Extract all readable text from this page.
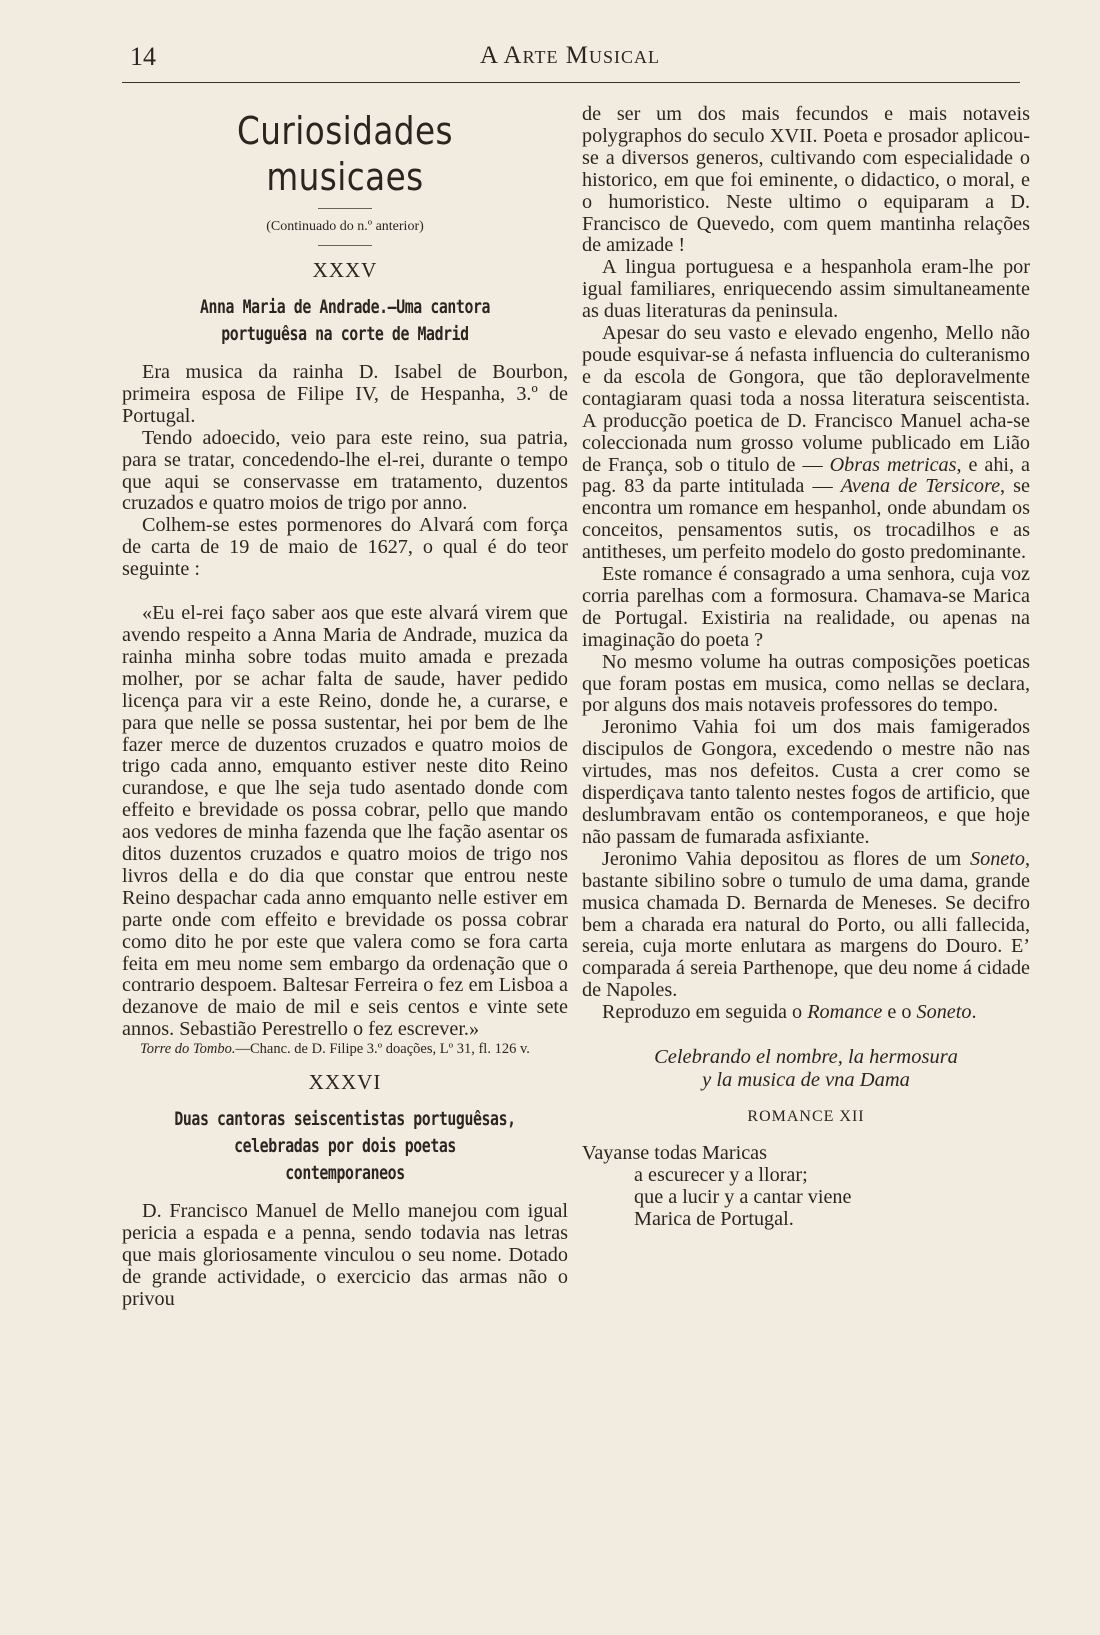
14	A Arte Musical
Curiosidades musicaes

(Continuado do n.º anterior)

XXXV
Anna Maria de Andrade.—Uma cantora
portuguêsa na corte de Madrid

Era musica da rainha D. Isabel de Bourbon, primeira esposa de Filipe IV, de Hespanha, 3.º de Portugal.

Tendo adoecido, veio para este reino, sua patria, para se tratar, concedendo-lhe el-rei, durante o tempo que aqui se conservasse em tratamento, duzentos cruzados e quatro moios de trigo por anno.

Colhem-se estes pormenores do Alvará com força de carta de 19 de maio de 1627, o qual é do teor seguinte :

«Eu el-rei faço saber aos que este alvará virem que avendo respeito a Anna Maria de Andrade, muzica da rainha minha sobre todas muito amada e prezada molher, por se achar falta de saude, haver pedido licença para vir a este Reino, donde he, a curarse, e para que nelle se possa sustentar, hei por bem de lhe fazer merce de duzentos cruzados e quatro moios de trigo cada anno, emquanto estiver neste dito Reino curandose, e que lhe seja tudo asentado donde com effeito e brevidade os possa cobrar, pello que mando aos vedores de minha fazenda que lhe fação asentar os ditos duzentos cruzados e quatro moios de trigo nos livros della e do dia que constar que entrou neste Reino despachar cada anno emquanto nelle estiver em parte onde com effeito e brevidade os possa cobrar como dito he por este que valera como se fora carta feita em meu nome sem embargo da ordenação que o contrario despoem. Baltesar Ferreira o fez em Lisboa a dezanove de maio de mil e seis centos e vinte sete annos. Sebastião Perestrello o fez escrever.»

Torre do Tombo.—Chanc. de D. Filipe 3.º doações, Lº 31, fl. 126 v.

XXXVI
Duas cantoras seiscentistas portuguêsas,
celebradas por dois poetas contemporaneos

D. Francisco Manuel de Mello manejou com igual pericia a espada e a penna, sendo todavia nas letras que mais gloriosamente vinculou o seu nome. Dotado de grande actividade, o exercicio das armas não o privou

de ser um dos mais fecundos e mais notaveis polygraphos do seculo XVII. Poeta e prosador aplicou-se a diversos generos, cultivando com especialidade o historico, em que foi eminente, o didactico, o moral, e o humoristico. Neste ultimo o equiparam a D. Francisco de Quevedo, com quem mantinha relações de amizade !

A lingua portuguesa e a hespanhola eram-lhe por igual familiares, enriquecendo assim simultaneamente as duas literaturas da peninsula.

Apesar do seu vasto e elevado engenho, Mello não poude esquivar-se á nefasta influencia do culteranismo e da escola de Gongora, que tão deploravelmente contagiaram quasi toda a nossa literatura seiscentista. A producção poetica de D. Francisco Manuel acha-se coleccionada num grosso volume publicado em Lião de França, sob o titulo de — Obras metricas, e ahi, a pag. 83 da parte intitulada — Avena de Tersicore, se encontra um romance em hespanhol, onde abundam os conceitos, pensamentos sutis, os trocadilhos e as antitheses, um perfeito modelo do gosto predominante.

Este romance é consagrado a uma senhora, cuja voz corria parelhas com a formosura. Chamava-se Marica de Portugal. Existiria na realidade, ou apenas na imaginação do poeta ?

No mesmo volume ha outras composições poeticas que foram postas em musica, como nellas se declara, por alguns dos mais notaveis professores do tempo.

Jeronimo Vahia foi um dos mais famigerados discipulos de Gongora, excedendo o mestre não nas virtudes, mas nos defeitos. Custa a crer como se disperdiçava tanto talento nestes fogos de artificio, que deslumbravam então os contemporaneos, e que hoje não passam de fumarada asfixiante.

Jeronimo Vahia depositou as flores de um Soneto, bastante sibilino sobre o tumulo de uma dama, grande musica chamada D. Bernarda de Meneses. Se decifro bem a charada era natural do Porto, ou alli fallecida, sereia, cuja morte enlutara as margens do Douro. E’ comparada á sereia Parthenope, que deu nome á cidade de Napoles.

Reproduzo em seguida o Romance e o Soneto.

Celebrando el nombre, la hermosura
y la musica de vna Dama
ROMANCE XII
Vayanse todas Maricas
a escurecer y a llorar;
que a lucir y a cantar viene
Marica de Portugal.
